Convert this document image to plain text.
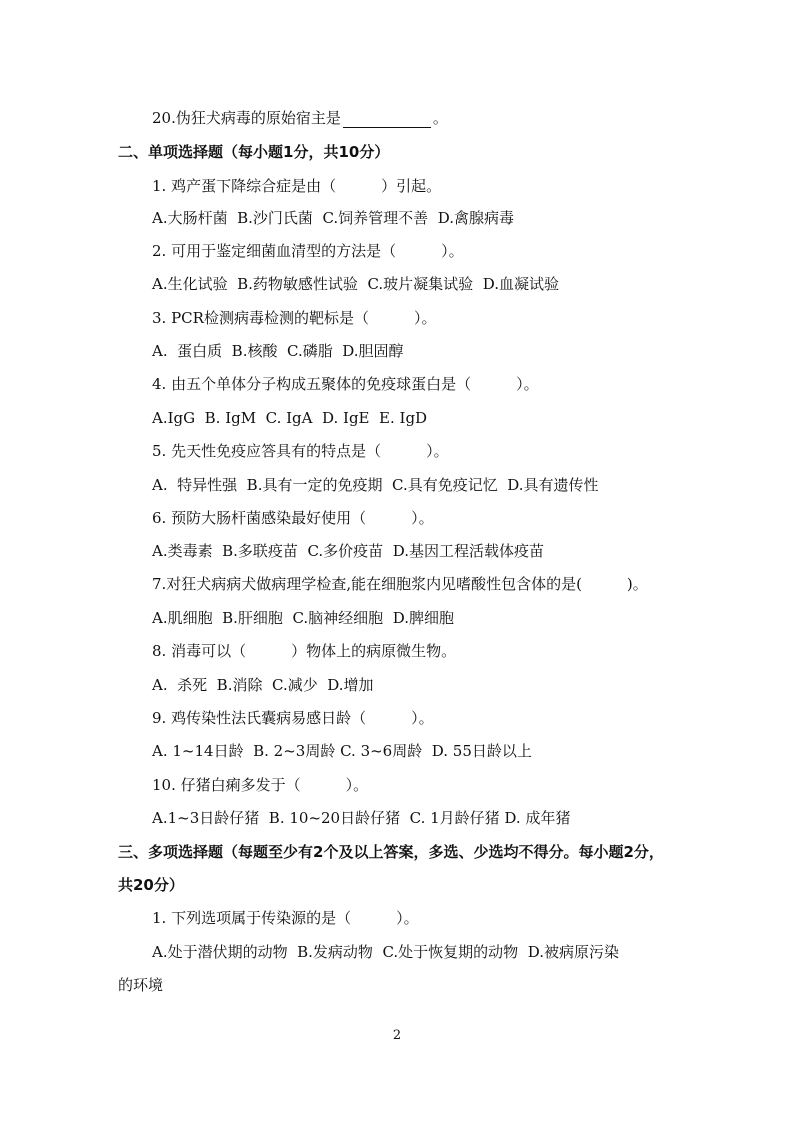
20.伪狂犬病毒的原始宿主是	。
二、单项选择题（每小题1分，共10分）
1. 鸡产蛋下降综合症是由（　　　）引起。
A.大肠杆菌  B.沙门氏菌  C.饲养管理不善  D.禽腺病毒
2. 可用于鉴定细菌血清型的方法是（　　　）。
A.生化试验  B.药物敏感性试验  C.玻片凝集试验  D.血凝试验
3. PCR检测病毒检测的靶标是（　　　）。
A.  蛋白质  B.核酸  C.磷脂  D.胆固醇
4. 由五个单体分子构成五聚体的免疫球蛋白是（　　　）。
A.IgG  B. IgM  C. IgA  D. IgE  E. IgD
5. 先天性免疫应答具有的特点是（　　　）。
A.  特异性强  B.具有一定的免疫期  C.具有免疫记忆  D.具有遗传性
6. 预防大肠杆菌感染最好使用（　　　）。
A.类毒素  B.多联疫苗  C.多价疫苗  D.基因工程活载体疫苗
7.对狂犬病病犬做病理学检查,能在细胞浆内见嗜酸性包含体的是(　　　)。
A.肌细胞  B.肝细胞  C.脑神经细胞  D.脾细胞
8. 消毒可以（　　　）物体上的病原微生物。
A.  杀死  B.消除  C.减少  D.增加
9. 鸡传染性法氏囊病易感日龄（　　　）。
A. 1~14日龄  B. 2~3周龄 C. 3~6周龄  D. 55日龄以上
10. 仔猪白痢多发于（　　　）。
A.1~3日龄仔猪  B. 10~20日龄仔猪  C. 1月龄仔猪 D. 成年猪
三、多项选择题（每题至少有2个及以上答案，多选、少选均不得分。每小题2分，
共20分）
1. 下列选项属于传染源的是（　　　）。
A.处于潜伏期的动物  B.发病动物  C.处于恢复期的动物  D.被病原污染
的环境
2
